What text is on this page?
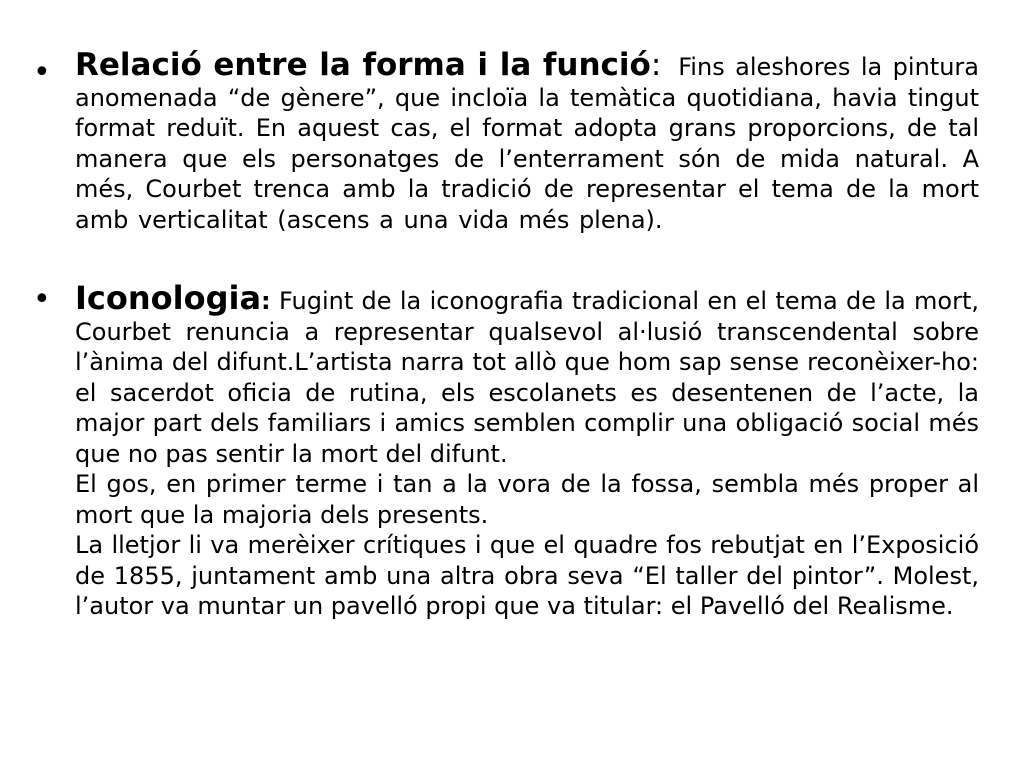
• Relació entre la forma i la funció: Fins aleshores la pintura anomenada “de gènere”, que incloïa la temàtica quotidiana, havia tingut format reduït. En aquest cas, el format adopta grans proporcions, de tal manera que els personatges de l’enterrament són de mida natural. A més, Courbet trenca amb la tradició de representar el tema de la mort amb verticalitat (ascens a una vida més plena).
• Iconologia: Fugint de la iconografia tradicional en el tema de la mort, Courbet renuncia a representar qualsevol al·lusió transcendental sobre l’ànima del difunt.L’artista narra tot allò que hom sap sense reconèixer-ho: el sacerdot oficia de rutina, els escolanets es desentenen de l’acte, la major part dels familiars i amics semblen complir una obligació social més que no pas sentir la mort del difunt.
El gos, en primer terme i tan a la vora de la fossa, sembla més proper al mort que la majoria dels presents.
La lletjor li va merèixer crítiques i que el quadre fos rebutjat en l’Exposició de 1855, juntament amb una altra obra seva “El taller del pintor”. Molest, l’autor va muntar un pavelló propi que va titular: el Pavelló del Realisme.
